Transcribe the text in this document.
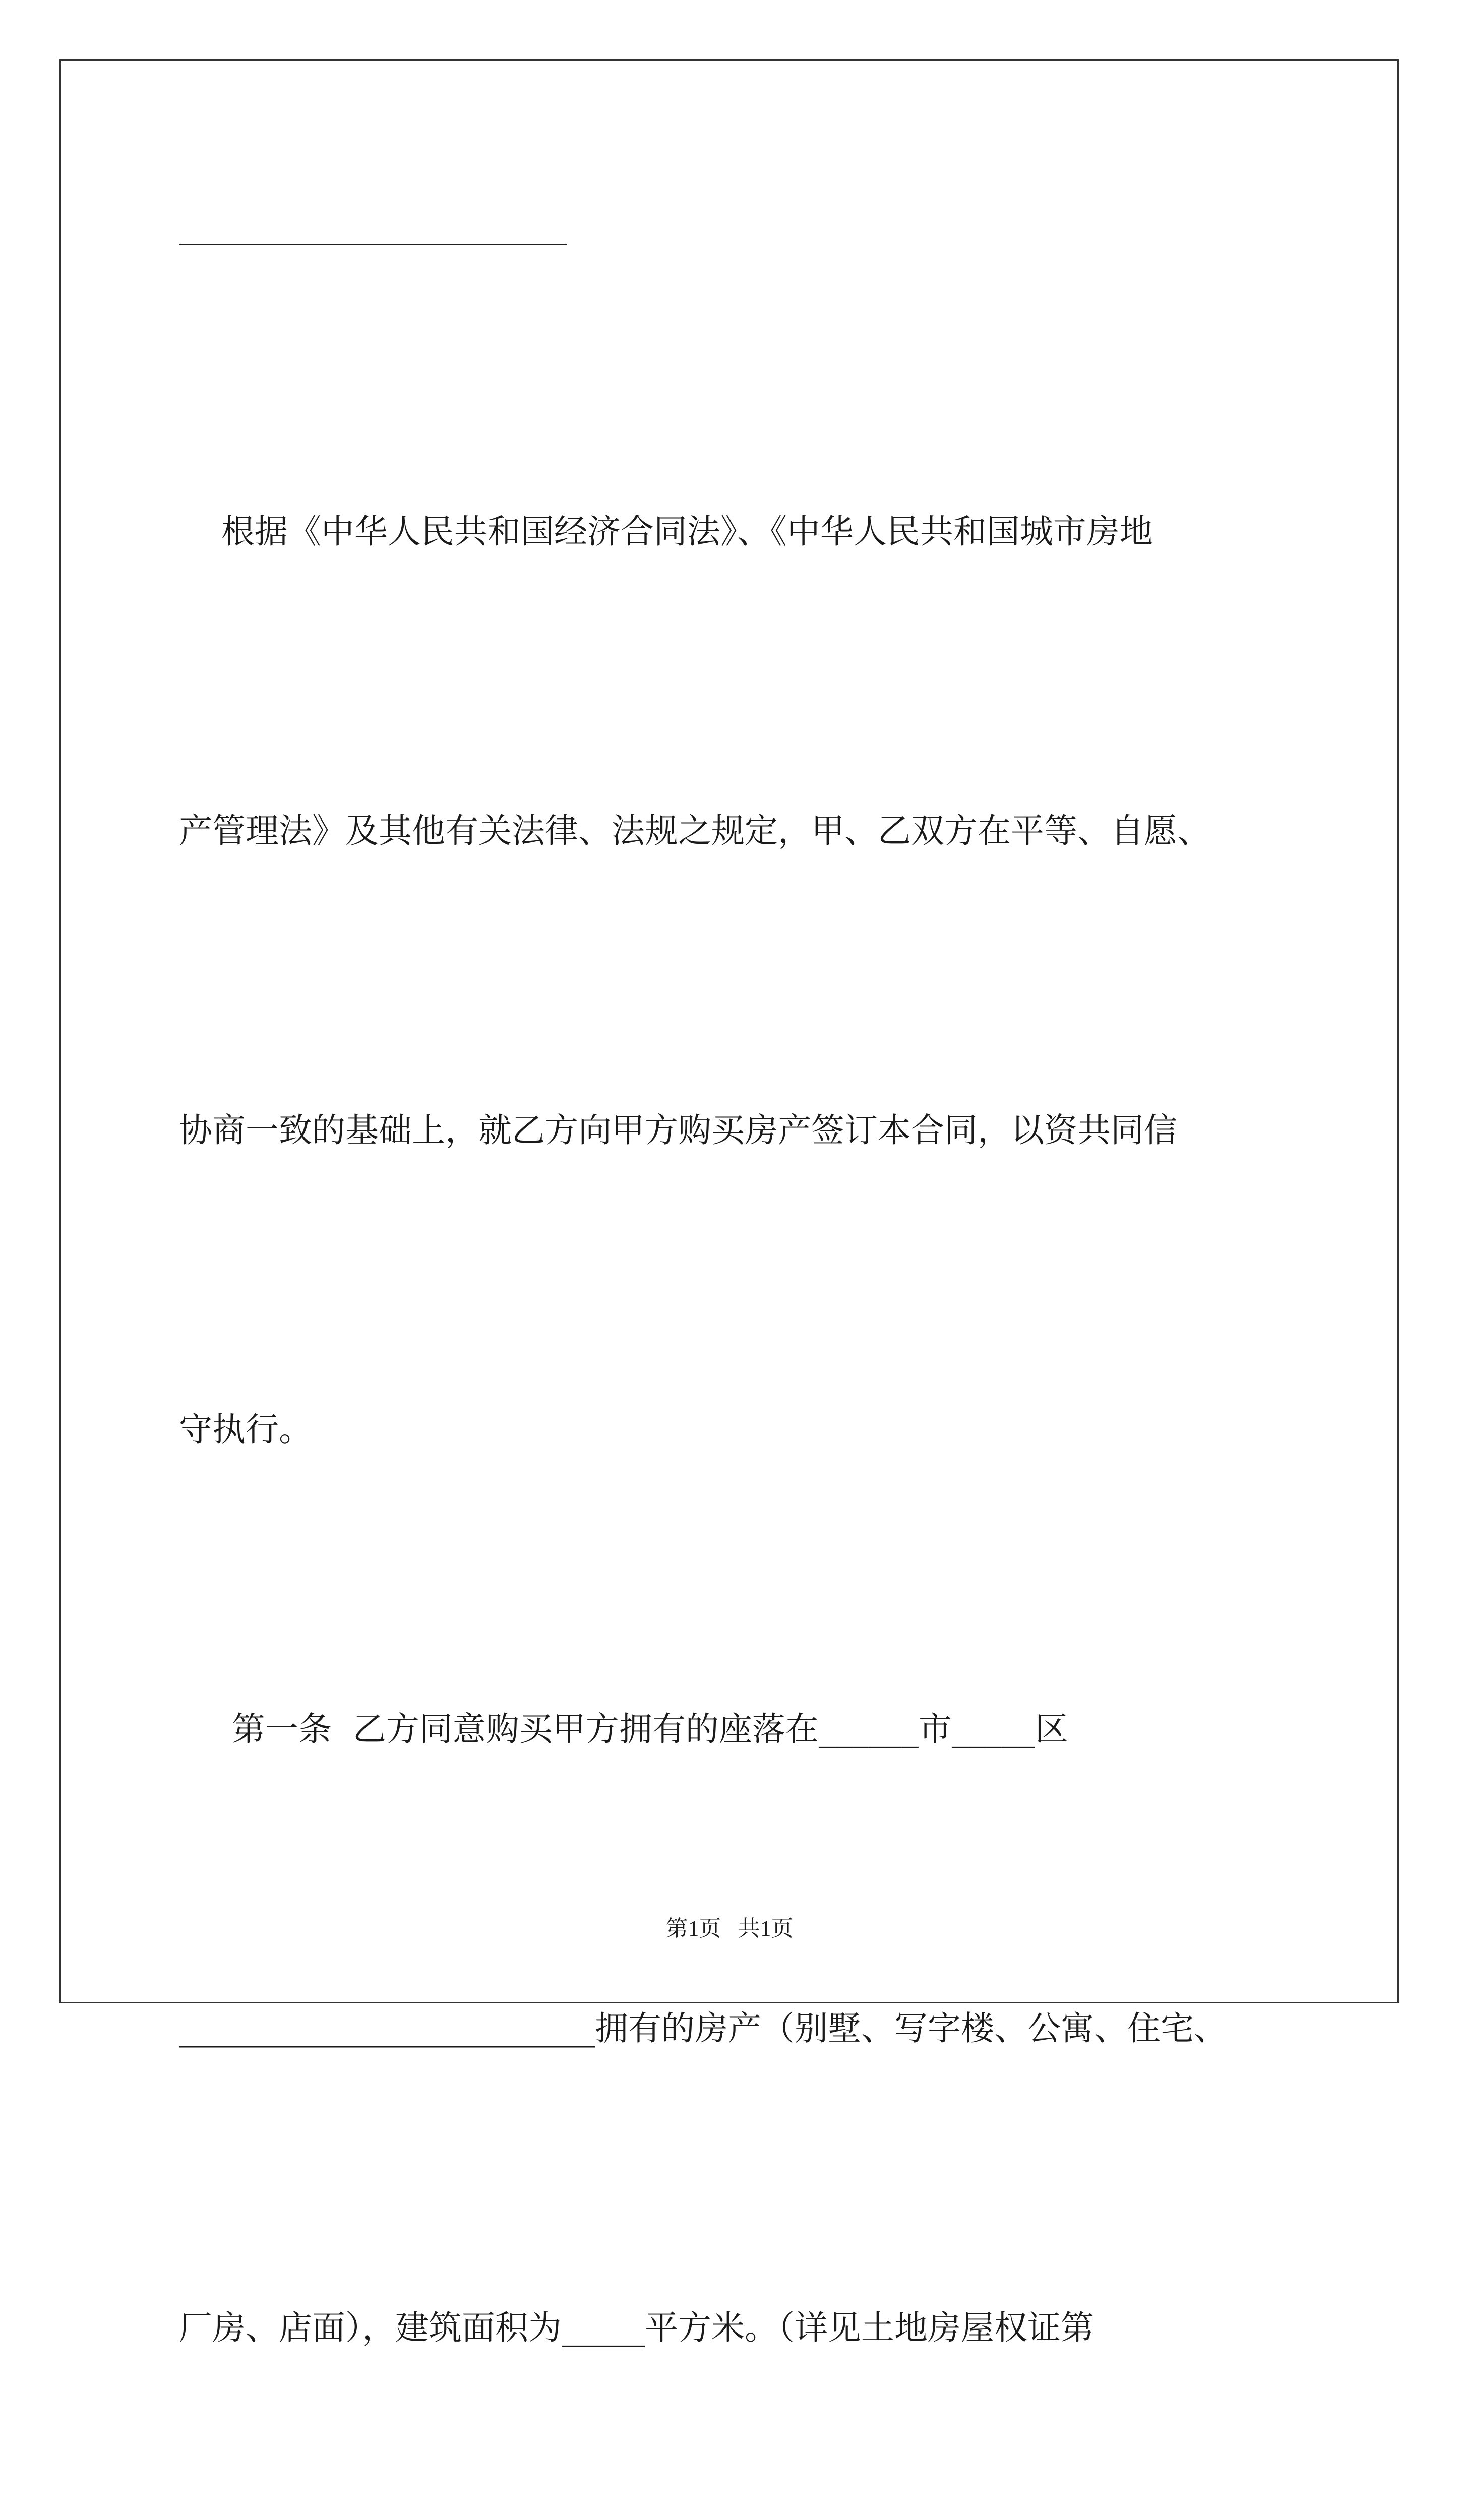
根据《中华人民共和国经济合同法》、《中华人民共和国城市房地

产管理法》及其他有关法律、法规之规定，甲、乙双方在平等、自愿、

协商一致的基础上，就乙方向甲方购买房产签订本合同，以资共同信

守执行。

第一条  乙方同意购买甲方拥有的座落在______市_____区

_________________________拥有的房产（别墅、写字楼、公寓、住宅、

厂房、店面），建筑面积为_____平方米。（详见土地房屋权证第

第1页   共1页
